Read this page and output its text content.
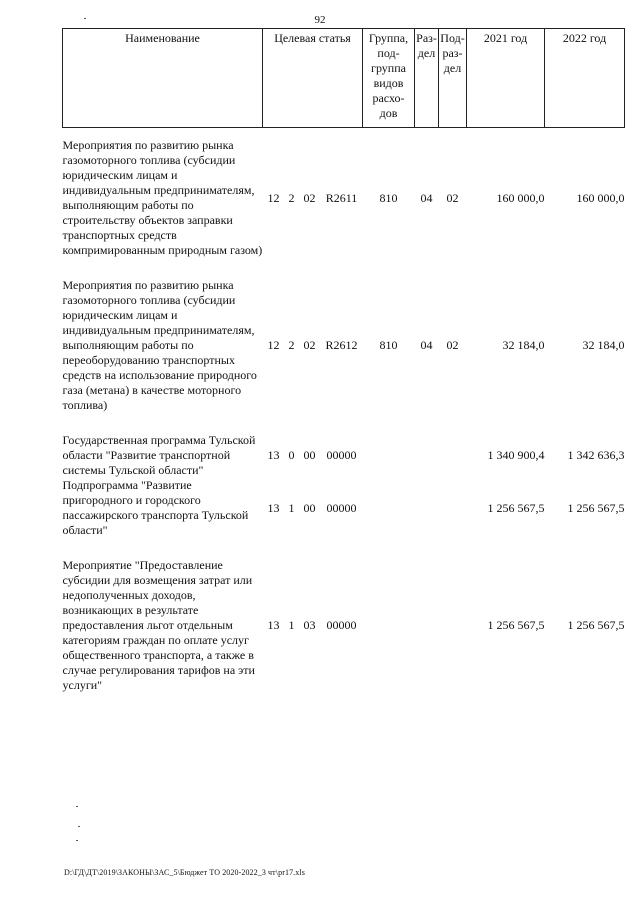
92
Наименование	Целевая статья				Группа, под-группа видов расхо-дов	Раз-дел	Под-раз-дел	2021 год	2022 год

Мероприятия по развитию рынка газомоторного топлива (субсидии юридическим лицам и индивидуальным предпринимателям, выполняющим работы по строительству объектов заправки транспортных средств компримированным природным газом)	12	2	02	R2611	810	04	02	160 000,0	160 000,0

Мероприятия по развитию рынка газомоторного топлива (субсидии юридическим лицам и индивидуальным предпринимателям, выполняющим работы по переоборудованию транспортных средств на использование природного газа (метана) в качестве моторного топлива)	12	2	02	R2612	810	04	02	32 184,0	32 184,0

Государственная программа Тульской области "Развитие транспортной системы Тульской области"	13	0	00	00000				1 340 900,4	1 342 636,3
Подпрограмма "Развитие пригородного и городского пассажирского транспорта Тульской области"	13	1	00	00000				1 256 567,5	1 256 567,5

Мероприятие "Предоставление субсидии для возмещения затрат или недополученных доходов, возникающих в результате предоставления льгот отдельным категориям граждан по оплате услуг общественного транспорта, а также в случае регулирования тарифов на эти услуги"	13	1	03	00000				1 256 567,5	1 256 567,5
D:\ГД\ДТ\2019\ЗАКОНЫ\ЗАС_5\Бюджет ТО 2020-2022_3 чт\pr17.xls
